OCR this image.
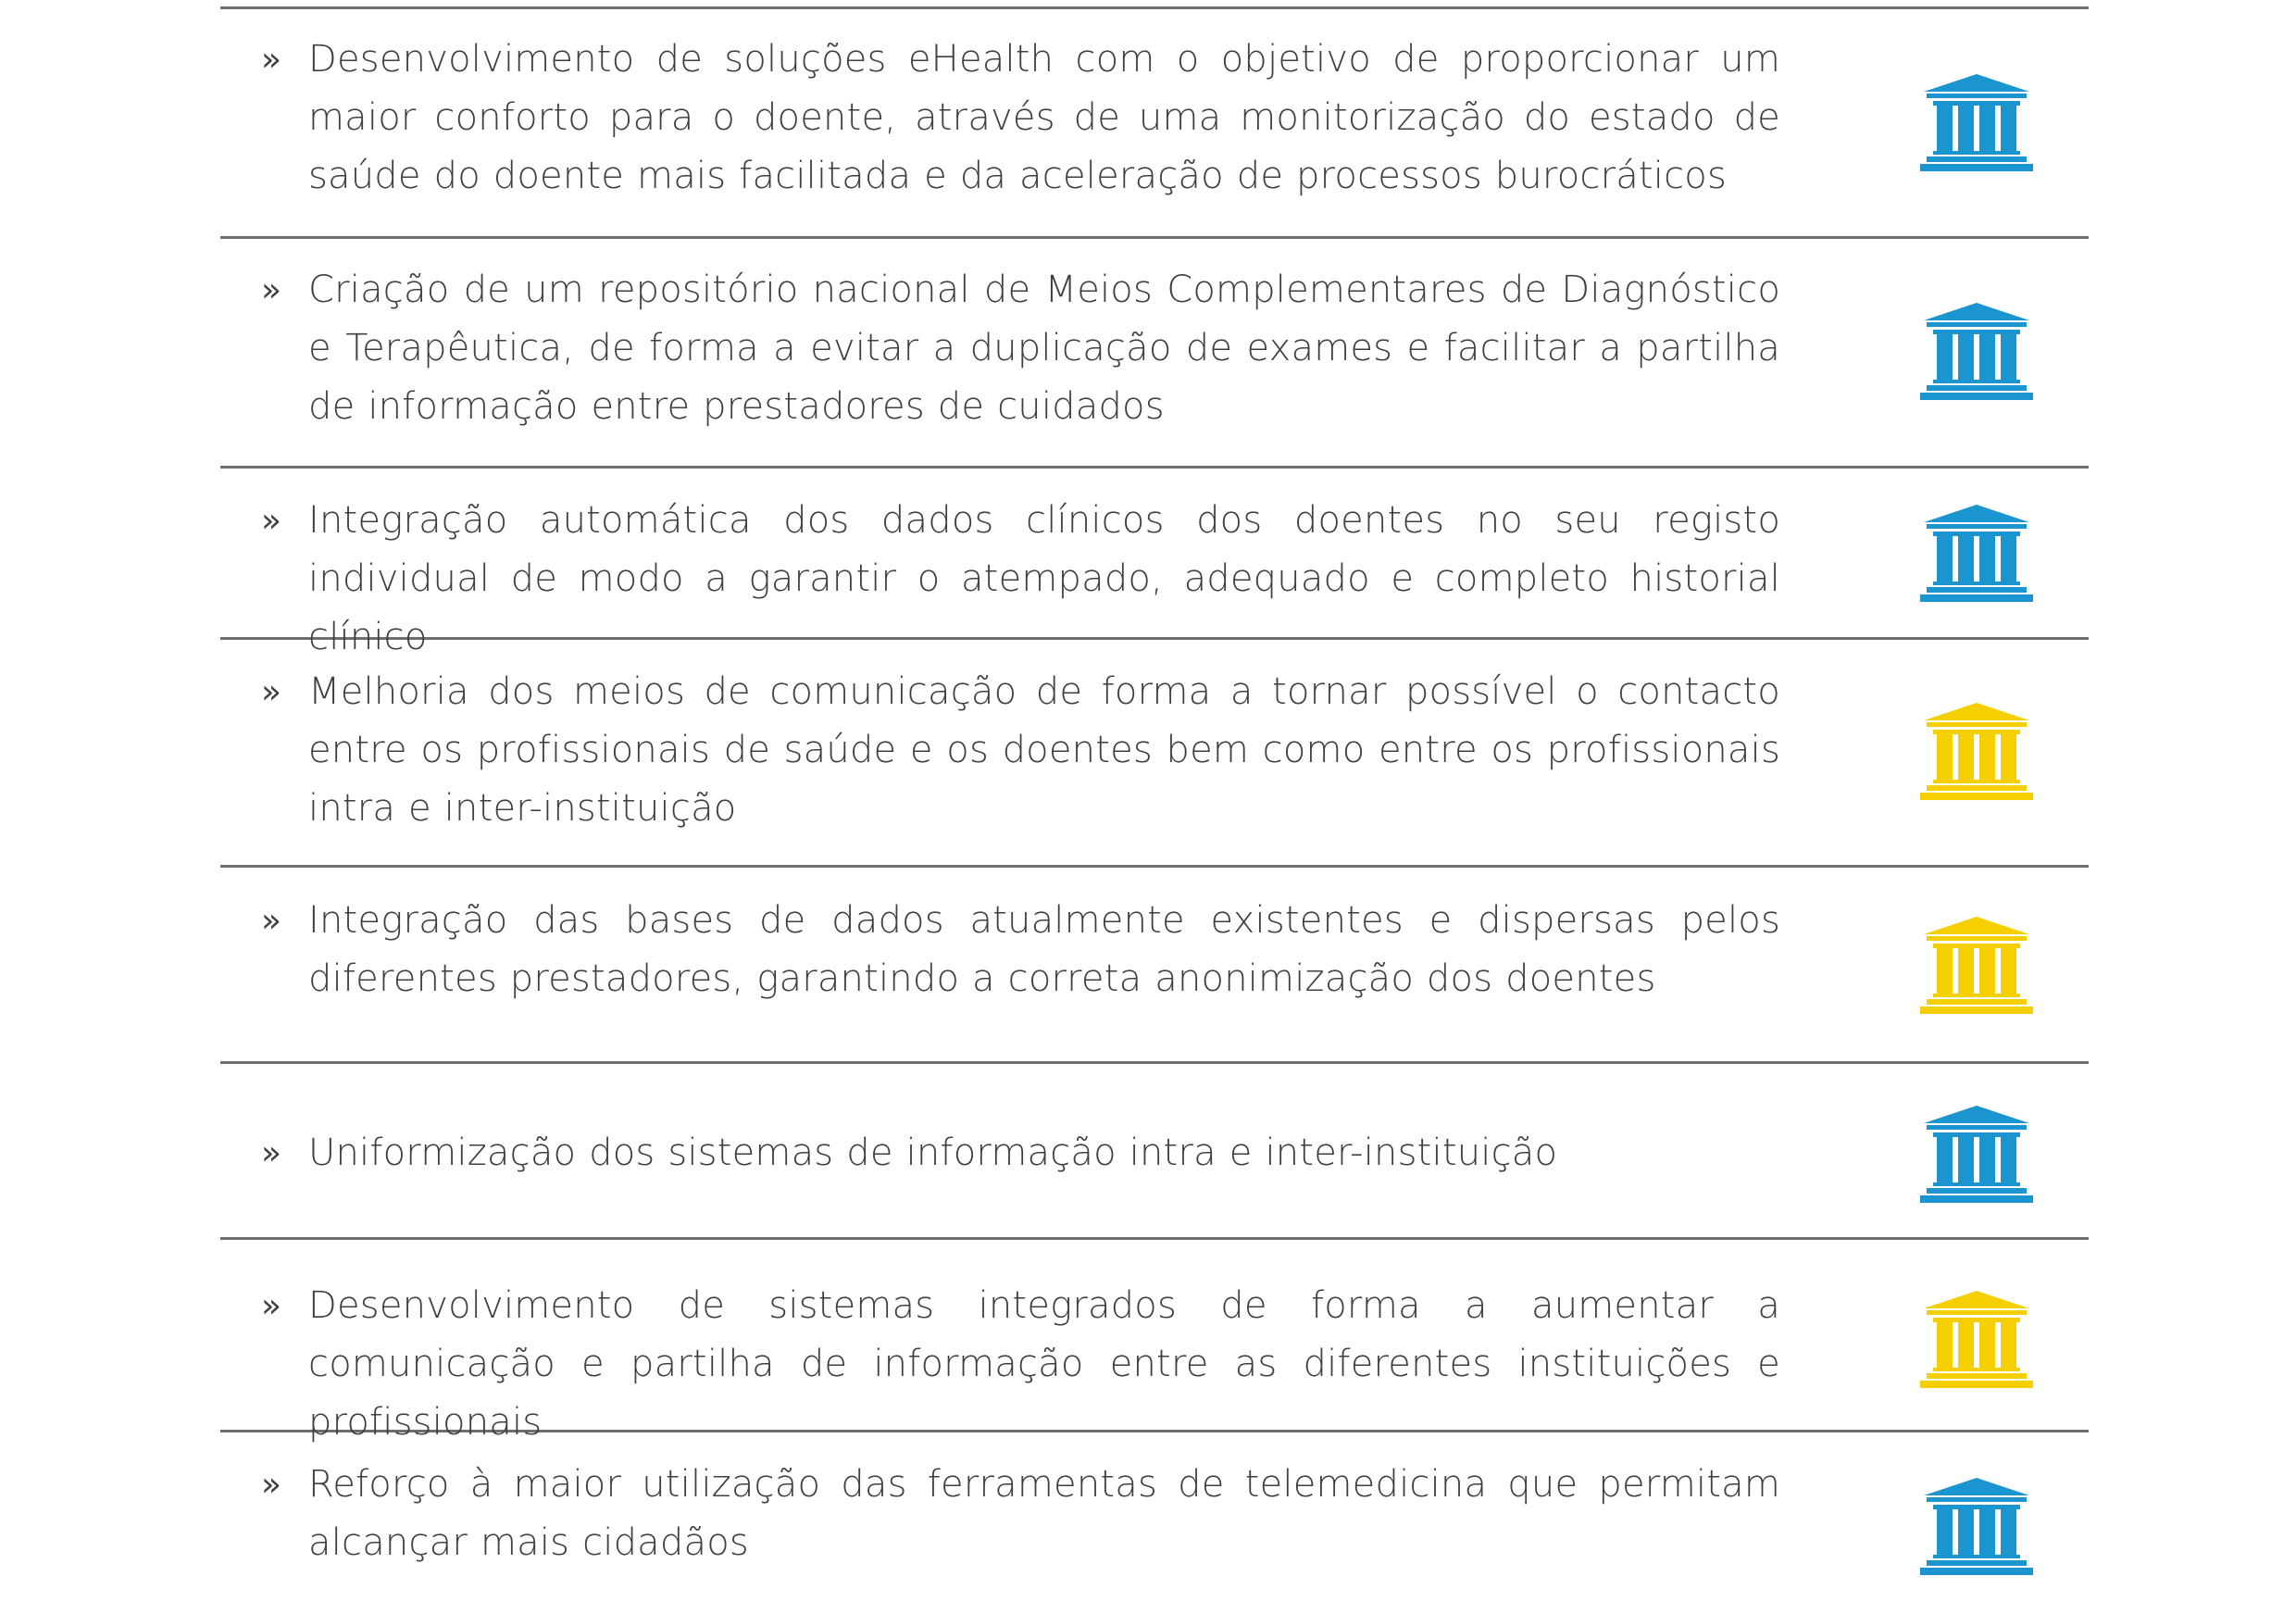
» Desenvolvimento de soluções eHealth com o objetivo de proporcionar um maior conforto para o doente, através de uma monitorização do estado de saúde do doente mais facilitada e da aceleração de processos burocráticos
» Criação de um repositório nacional de Meios Complementares de Diagnóstico e Terapêutica, de forma a evitar a duplicação de exames e facilitar a partilha de informação entre prestadores de cuidados
» Integração automática dos dados clínicos dos doentes no seu registo individual de modo a garantir o atempado, adequado e completo historial clínico
» Melhoria dos meios de comunicação de forma a tornar possível o contacto entre os profissionais de saúde e os doentes bem como entre os profissionais intra e inter-instituição
» Integração das bases de dados atualmente existentes e dispersas pelos diferentes prestadores, garantindo a correta anonimização dos doentes
» Uniformização dos sistemas de informação intra e inter-instituição
» Desenvolvimento de sistemas integrados de forma a aumentar a comunicação e partilha de informação entre as diferentes instituições e profissionais
» Reforço à maior utilização das ferramentas de telemedicina que permitam alcançar mais cidadãos
